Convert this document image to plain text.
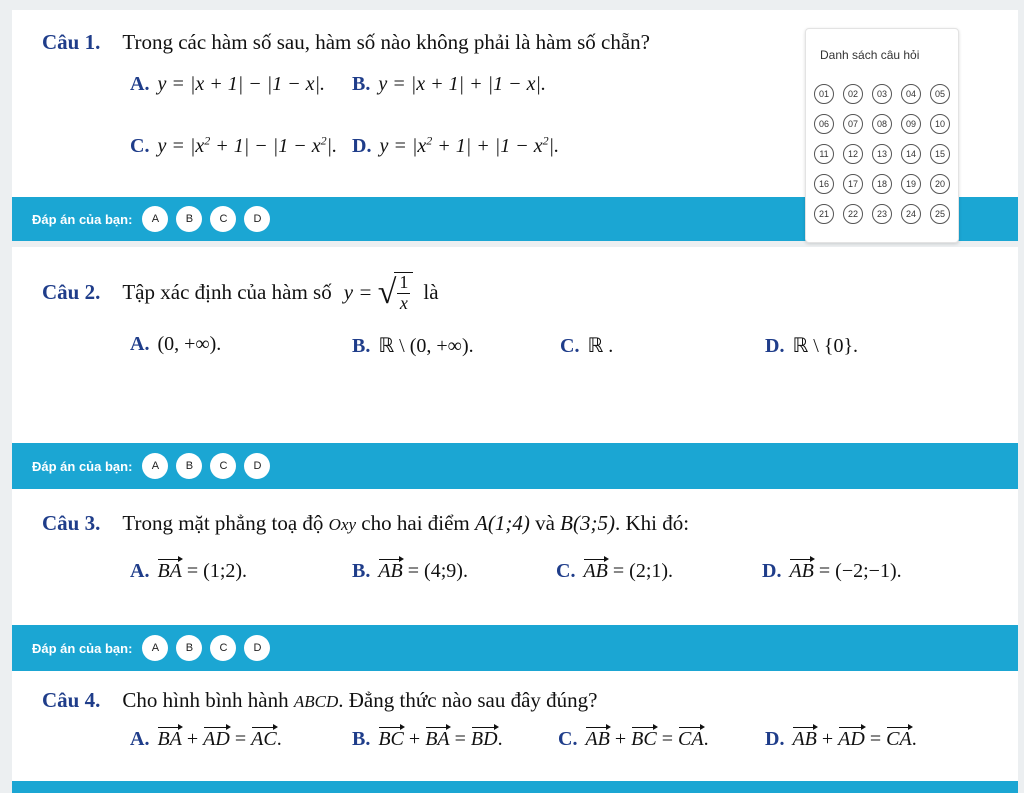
Câu 1. Trong các hàm số sau, hàm số nào không phải là hàm số chẵn?
A. y = |x + 1| − |1 − x|. B. y = |x + 1| + |1 − x|.
C. $y = |x^2 + 1| - |1 - x^2|$. D. $y = |x^2 + 1| + |1 - x^2|$.
Đáp án của bạn:	A	B	C	D
Câu 2. Tập xác định của hàm số y = √ $\frac{1}{x}$ là
A. (0, +∞).	B. ℝ \ (0, +∞).	C. ℝ .	D. ℝ \ {0}.
Đáp án của bạn:	A	B	C	D
Câu 3. Trong mặt phẳng toạ độ Oxy cho hai điểm A(1;4) và B(3;5). Khi đó:
A. BA = (1;2).	B. AB = (4;9).	C. AB = (2;1).	D. AB = (−2;−1).
Đáp án của bạn:	A	B	C	D
Câu 4. Cho hình bình hành ABCD. Đẳng thức nào sau đây đúng?
A. BA + AD = AC.	B. BC + BA = BD.	C. AB + BC = CA.	D. AB + AD = CA.
Danh sách câu hỏi
01	02	03	04	05
06	07	08	09	10
11	12	13	14	15
16	17	18	19	20
21	22	23	24	25
